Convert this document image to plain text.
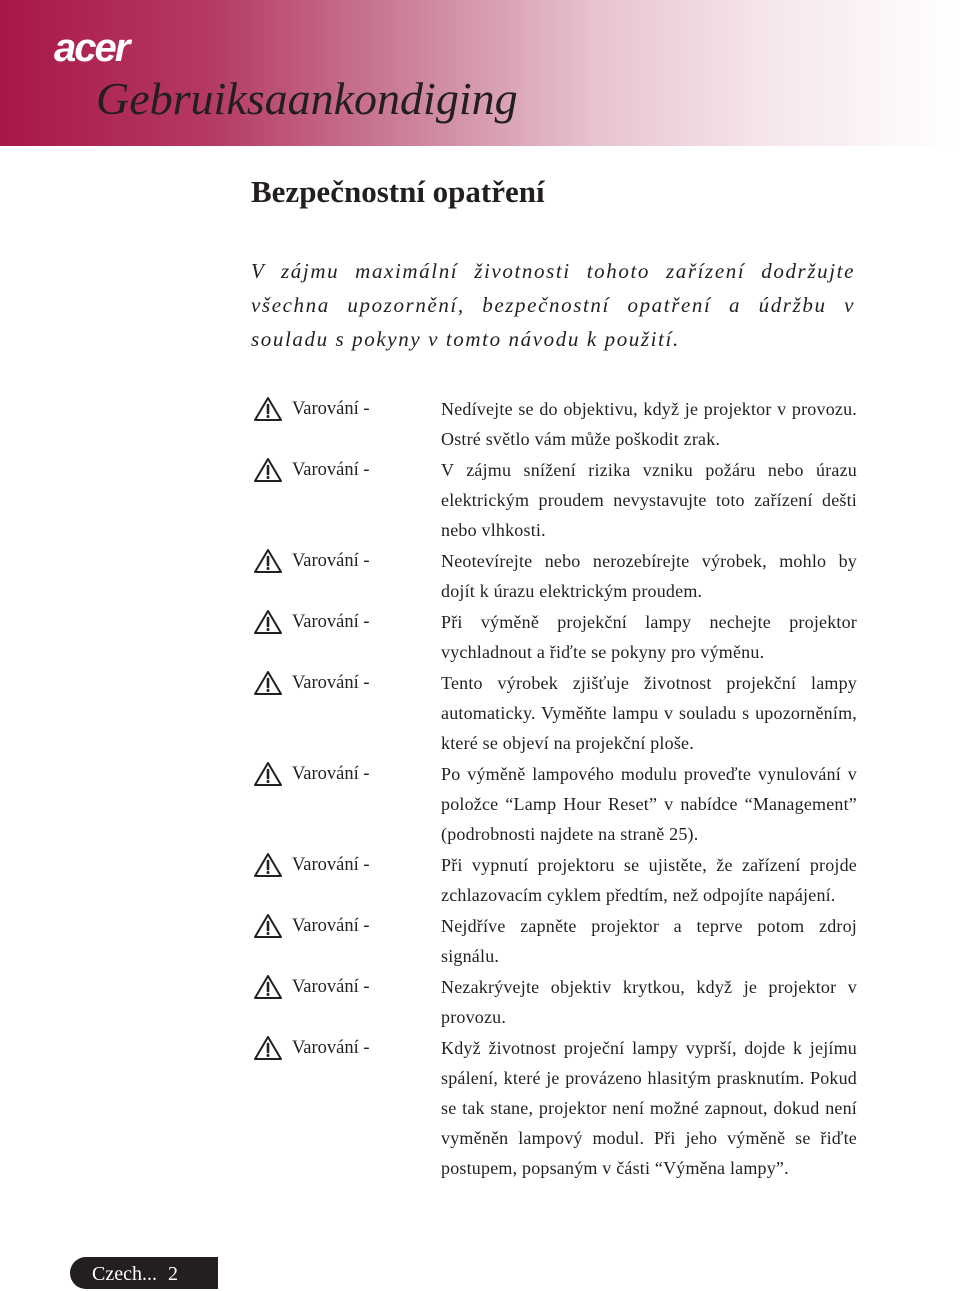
acer
Gebruiksaankondiging
Bezpečnostní opatření

V zájmu maximální životnosti tohoto zařízení dodržujte všechna upozornění, bezpečnostní opatření a údržbu v souladu s pokyny v tomto návodu k použití.

Varování -	Nedívejte se do objektivu, když je projektor v provozu. Ostré světlo vám může poškodit zrak.

Varování -	V zájmu snížení rizika vzniku požáru nebo úrazu elektrickým proudem nevystavujte toto zařízení dešti nebo vlhkosti.

Varování -	Neotevírejte nebo nerozebírejte výrobek, mohlo by dojít k úrazu elektrickým proudem.

Varování -	Při výměně projekční lampy nechejte projektor vychladnout a řiďte se pokyny pro výměnu.

Varování -	Tento výrobek zjišťuje životnost projekční lampy automaticky. Vyměňte lampu v souladu s upozorněním, které se objeví na projekční ploše.

Varování -	Po výměně lampového modulu proveďte vynulování v položce “Lamp Hour Reset” v nabídce “Management” (podrobnosti najdete na straně 25).

Varování -	Při vypnutí projektoru se ujistěte, že zařízení projde zchlazovacím cyklem předtím, než odpojíte napájení.

Varování -	Nejdříve zapněte projektor a teprve potom zdroj signálu.

Varování -	Nezakrývejte objektiv krytkou, když je projektor v provozu.

Varování -	Když životnost proječní lampy vyprší, dojde k jejímu spálení, které je provázeno hlasitým prasknutím. Pokud se tak stane, projektor není možné zapnout, dokud není vyměněn lampový modul. Při jeho výměně se řiďte postupem, popsaným v části “Výměna lampy”.

Czech... 2
